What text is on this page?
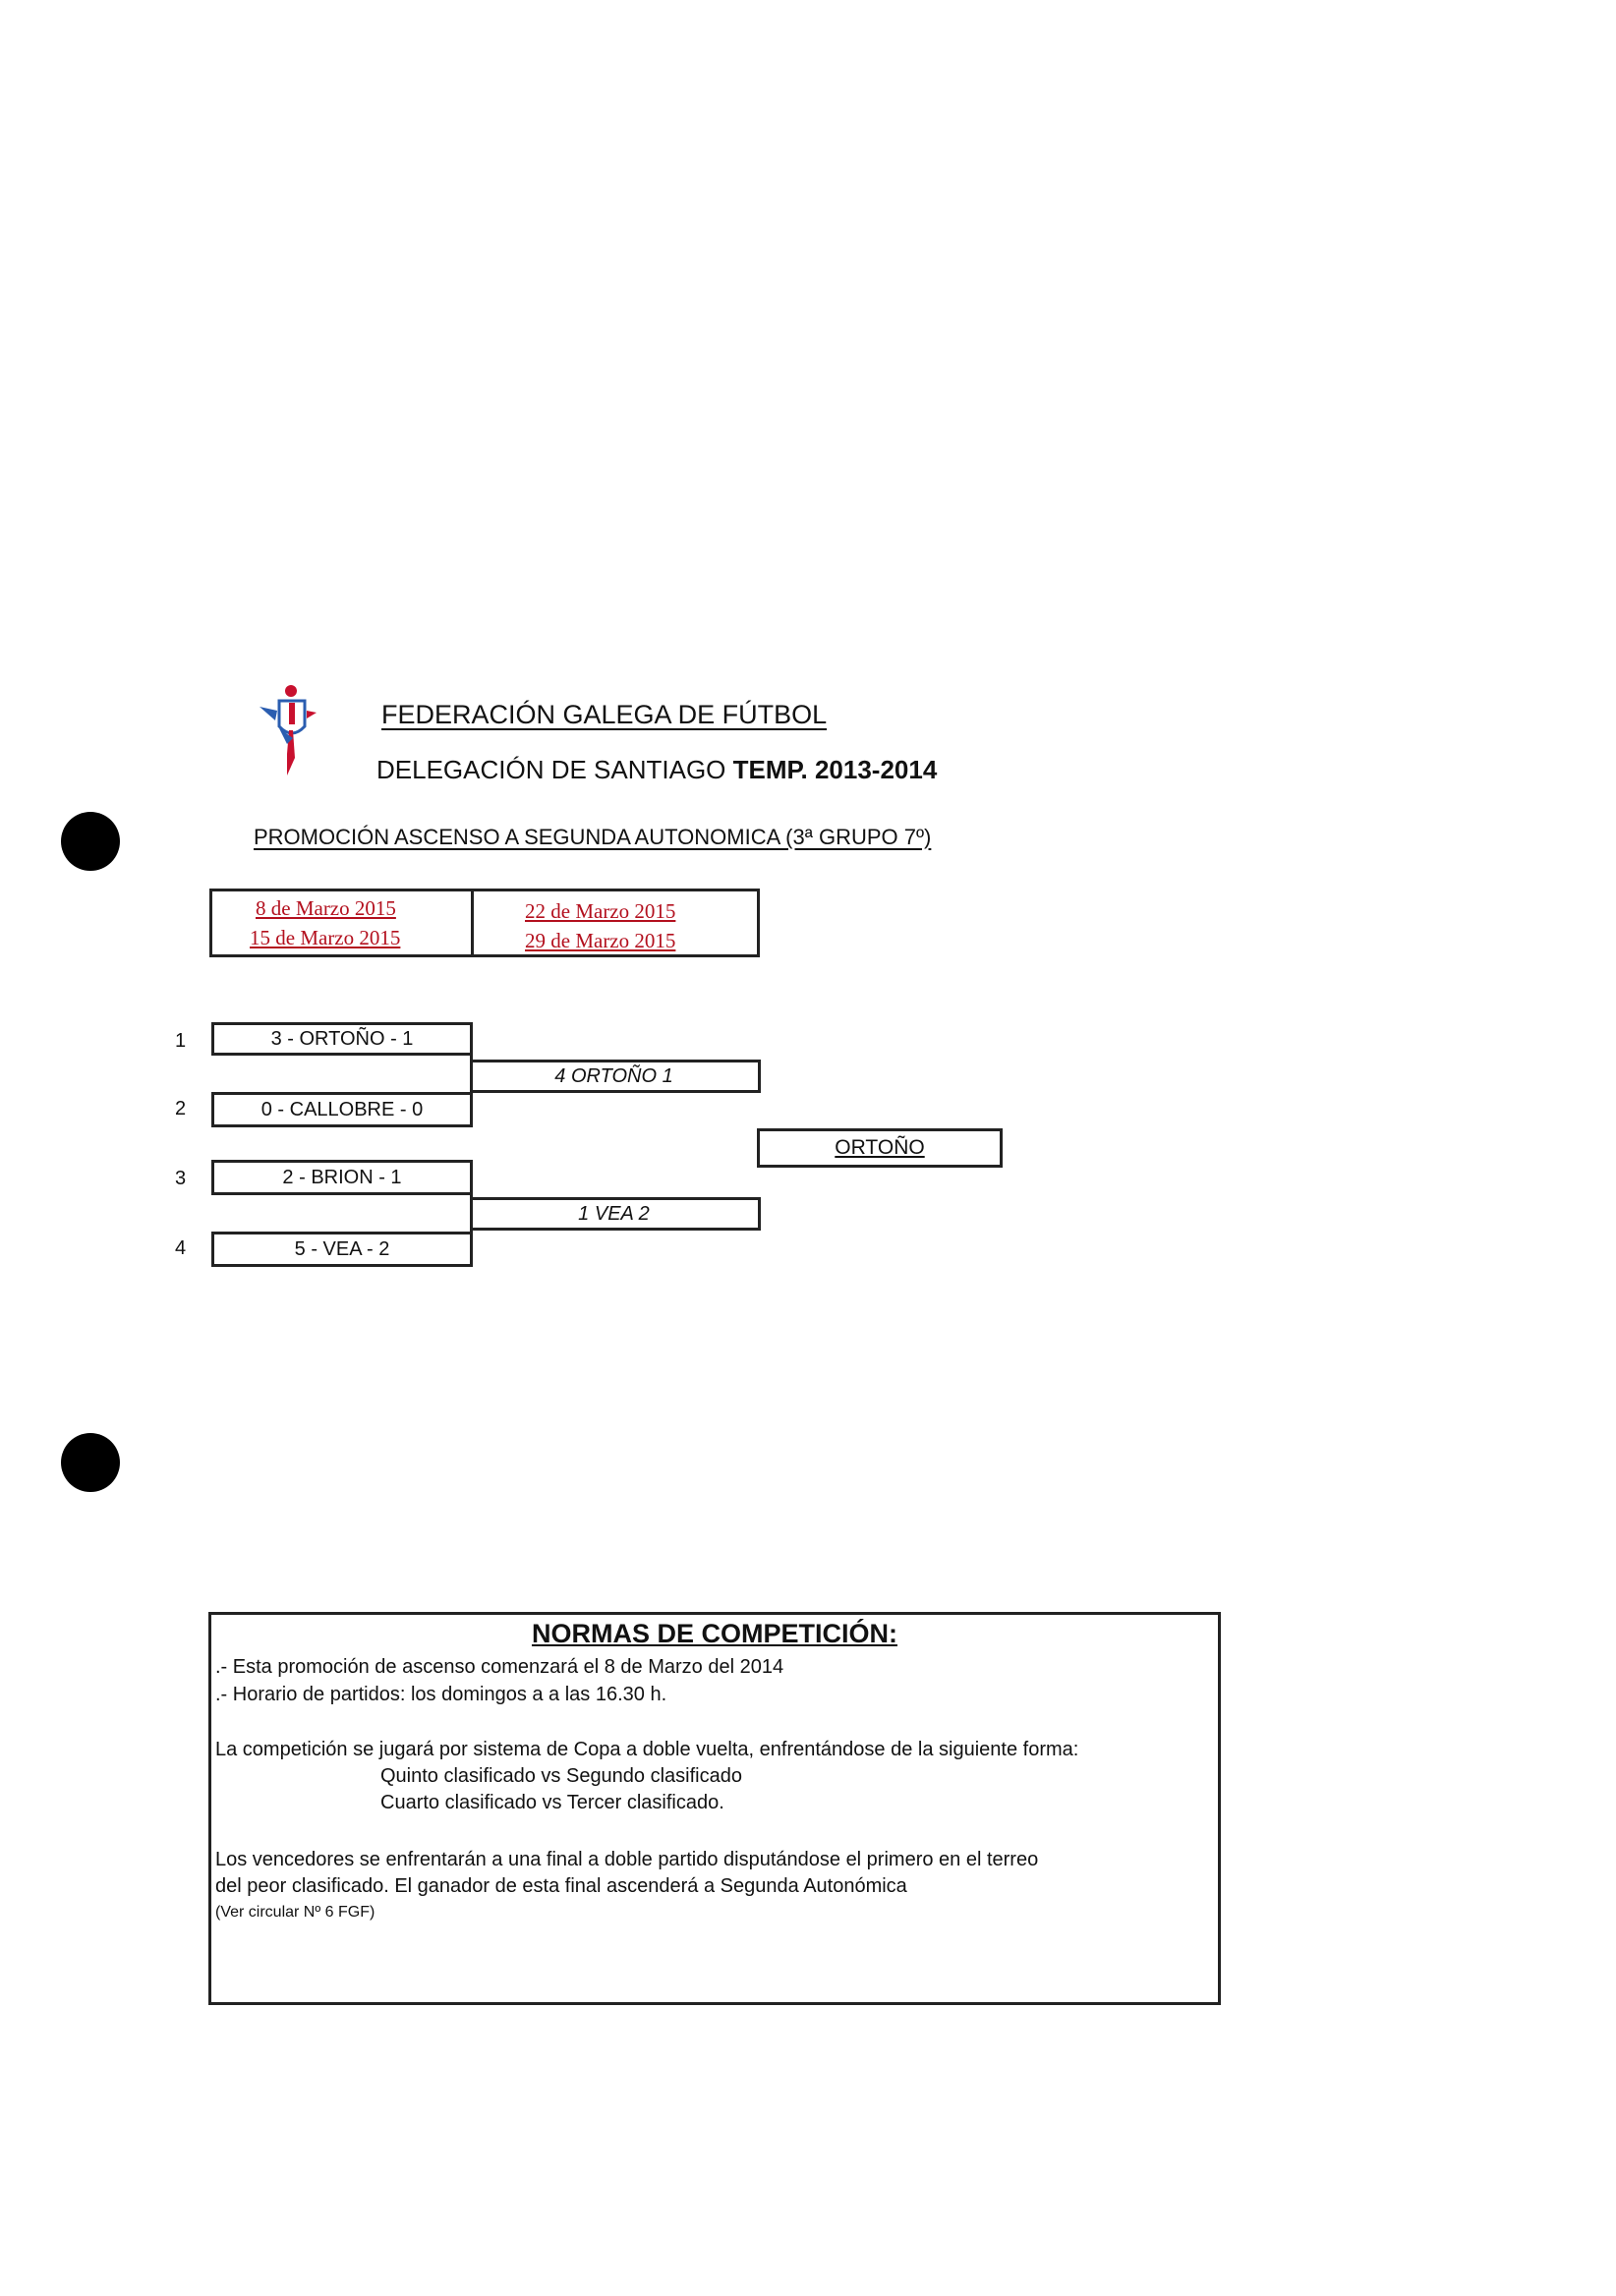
FEDERACIÓN GALEGA DE FÚTBOL
DELEGACIÓN DE SANTIAGO TEMP. 2013-2014
PROMOCIÓN ASCENSO A SEGUNDA AUTONOMICA (3ª GRUPO 7º)
8 de Marzo 2015
15 de Marzo 2015
22 de Marzo 2015
29 de Marzo 2015
1
2
3
4
3 - ORTOÑO - 1
0 - CALLOBRE - 0
2 - BRION - 1
5 - VEA - 2
4 ORTOÑO 1
1 VEA 2
ORTOÑO
NORMAS DE COMPETICIÓN:
.- Esta promoción de ascenso comenzará el 8 de Marzo del 2014
.- Horario de partidos: los domingos a a las 16.30 h.
La competición se jugará por sistema de Copa a doble vuelta, enfrentándose de la siguiente forma:
Quinto clasificado vs Segundo clasificado
Cuarto clasificado vs Tercer clasificado.
Los vencedores se enfrentarán a una final a doble partido disputándose el primero en el terreo
del peor clasificado. El ganador de esta final ascenderá a Segunda Autonómica
(Ver circular Nº 6 FGF)
